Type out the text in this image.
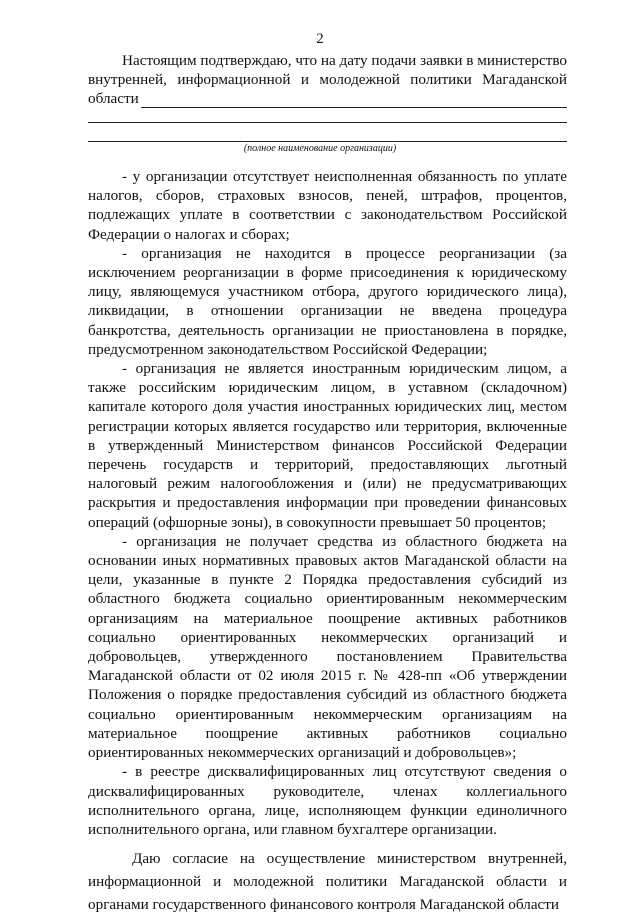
2
Настоящим подтверждаю, что на дату подачи заявки в министерство
внутренней, информационной и молодежной политики Магаданской
области
(полное наименование организации)

- у организации отсутствует неисполненная обязанность по уплате налогов, сборов, страховых взносов, пеней, штрафов, процентов, подлежащих уплате в соответствии с законодательством Российской Федерации о налогах и сборах;

- организация не находится в процессе реорганизации (за исключением реорганизации в форме присоединения к юридическому лицу, являющемуся участником отбора, другого юридического лица), ликвидации, в отношении организации не введена процедура банкротства, деятельность организации не приостановлена в порядке, предусмотренном законодательством Российской Федерации;

- организация не является иностранным юридическим лицом, а также российским юридическим лицом, в уставном (складочном) капитале которого доля участия иностранных юридических лиц, местом регистрации которых является государство или территория, включенные в утвержденный Министерством финансов Российской Федерации перечень государств и территорий, предоставляющих льготный налоговый режим налогообложения и (или) не предусматривающих раскрытия и предоставления информации при проведении финансовых операций (офшорные зоны), в совокупности превышает 50 процентов;

- организация не получает средства из областного бюджета на основании иных нормативных правовых актов Магаданской области на цели, указанные в пункте 2 Порядка предоставления субсидий из областного бюджета социально ориентированным некоммерческим организациям на материальное поощрение активных работников социально ориентированных некоммерческих организаций и добровольцев, утвержденного постановлением Правительства Магаданской области от 02 июля 2015 г. № 428-пп «Об утверждении Положения о порядке предоставления субсидий из областного бюджета социально ориентированным некоммерческим организациям на материальное поощрение активных работников социально ориентированных некоммерческих организаций и добровольцев»;

- в реестре дисквалифицированных лиц отсутствуют сведения о дисквалифицированных руководителе, членах коллегиального исполнительного органа, лице, исполняющем функции единоличного исполнительного органа, или главном бухгалтере организации.

Даю согласие на осуществление министерством внутренней, информационной и молодежной политики Магаданской области и органами государственного финансового контроля Магаданской области
